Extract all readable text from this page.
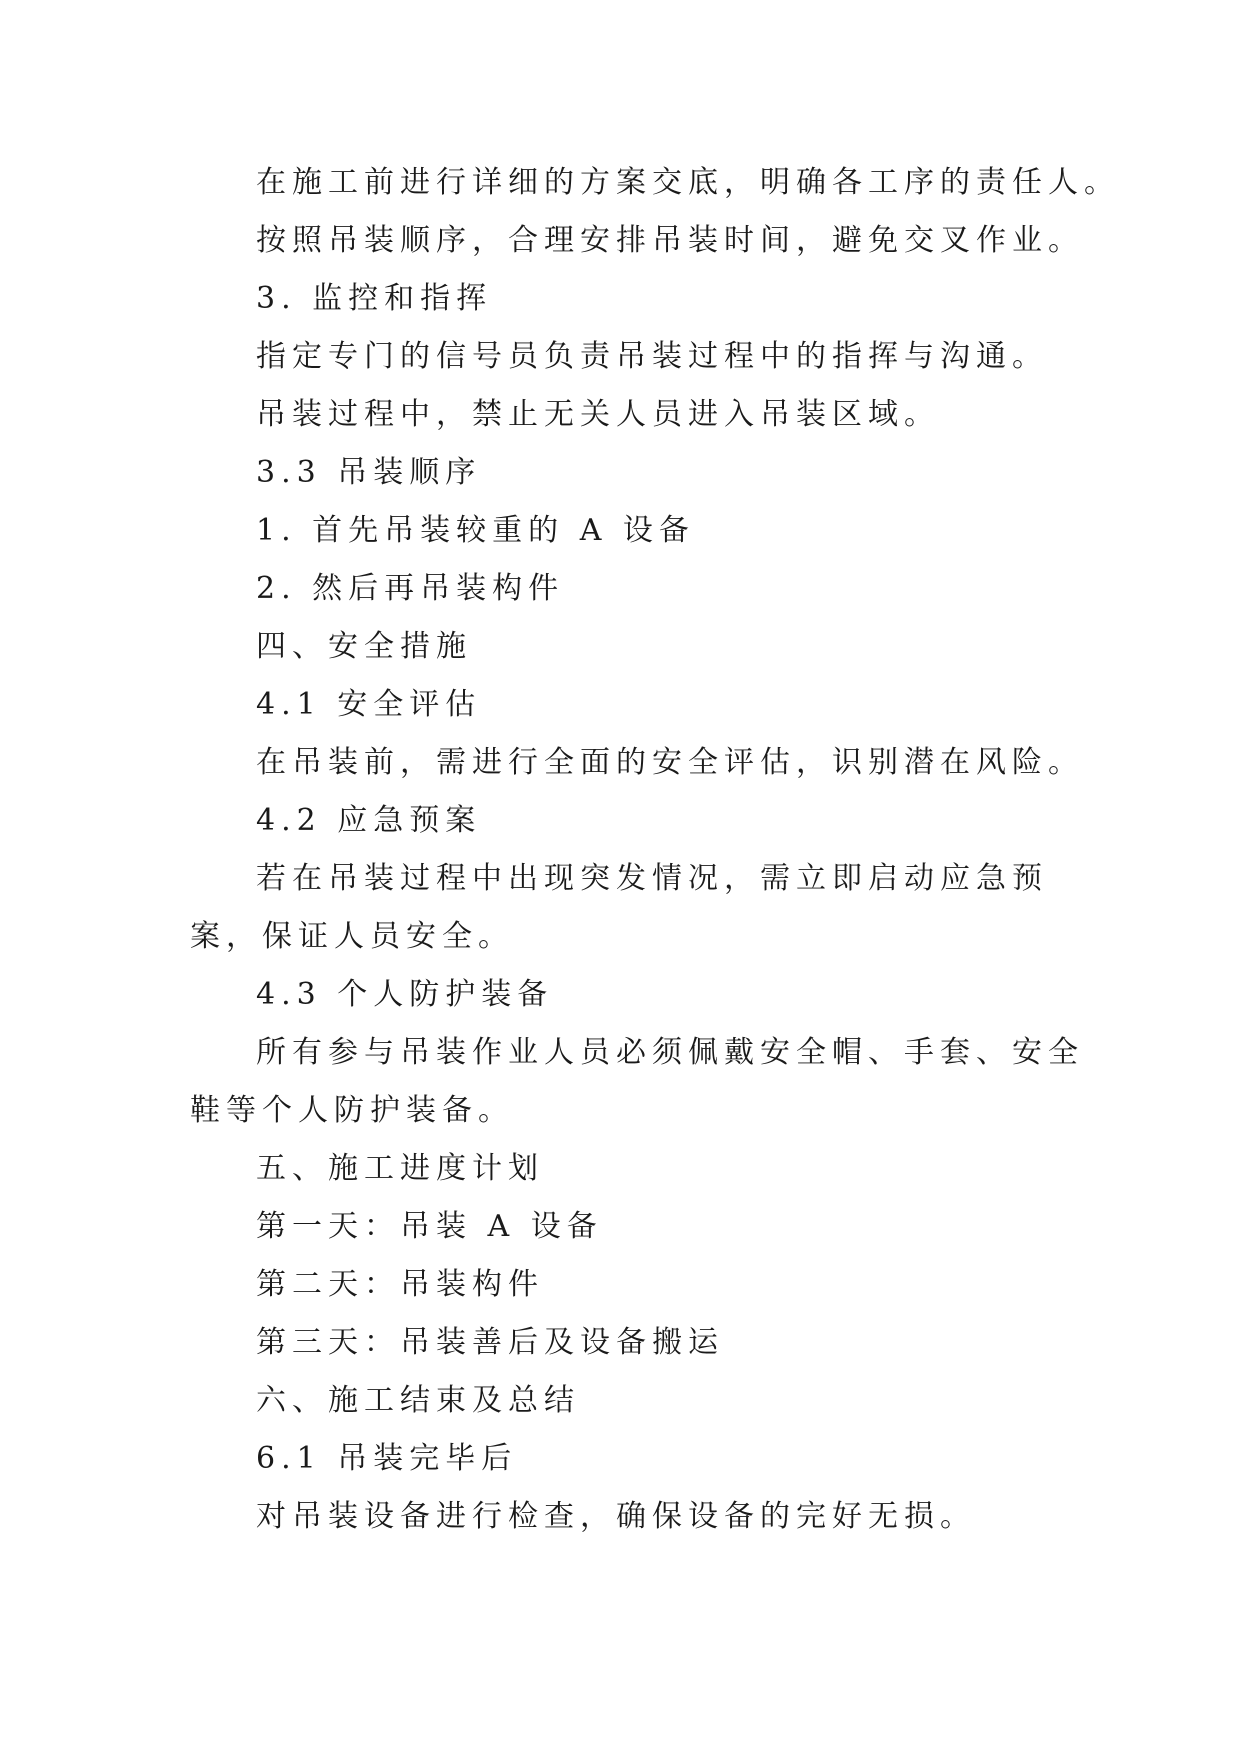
在施工前进行详细的方案交底，明确各工序的责任人。
按照吊装顺序，合理安排吊装时间，避免交叉作业。
3. 监控和指挥
指定专门的信号员负责吊装过程中的指挥与沟通。
吊装过程中，禁止无关人员进入吊装区域。
3.3 吊装顺序
1. 首先吊装较重的 A 设备
2. 然后再吊装构件
四、安全措施
4.1 安全评估
在吊装前，需进行全面的安全评估，识别潜在风险。
4.2 应急预案

若在吊装过程中出现突发情况，需立即启动应急预案，保证人员安全。

4.3 个人防护装备

所有参与吊装作业人员必须佩戴安全帽、手套、安全鞋等个人防护装备。

五、施工进度计划
第一天：吊装 A 设备
第二天：吊装构件
第三天：吊装善后及设备搬运
六、施工结束及总结
6.1 吊装完毕后
对吊装设备进行检查，确保设备的完好无损。
